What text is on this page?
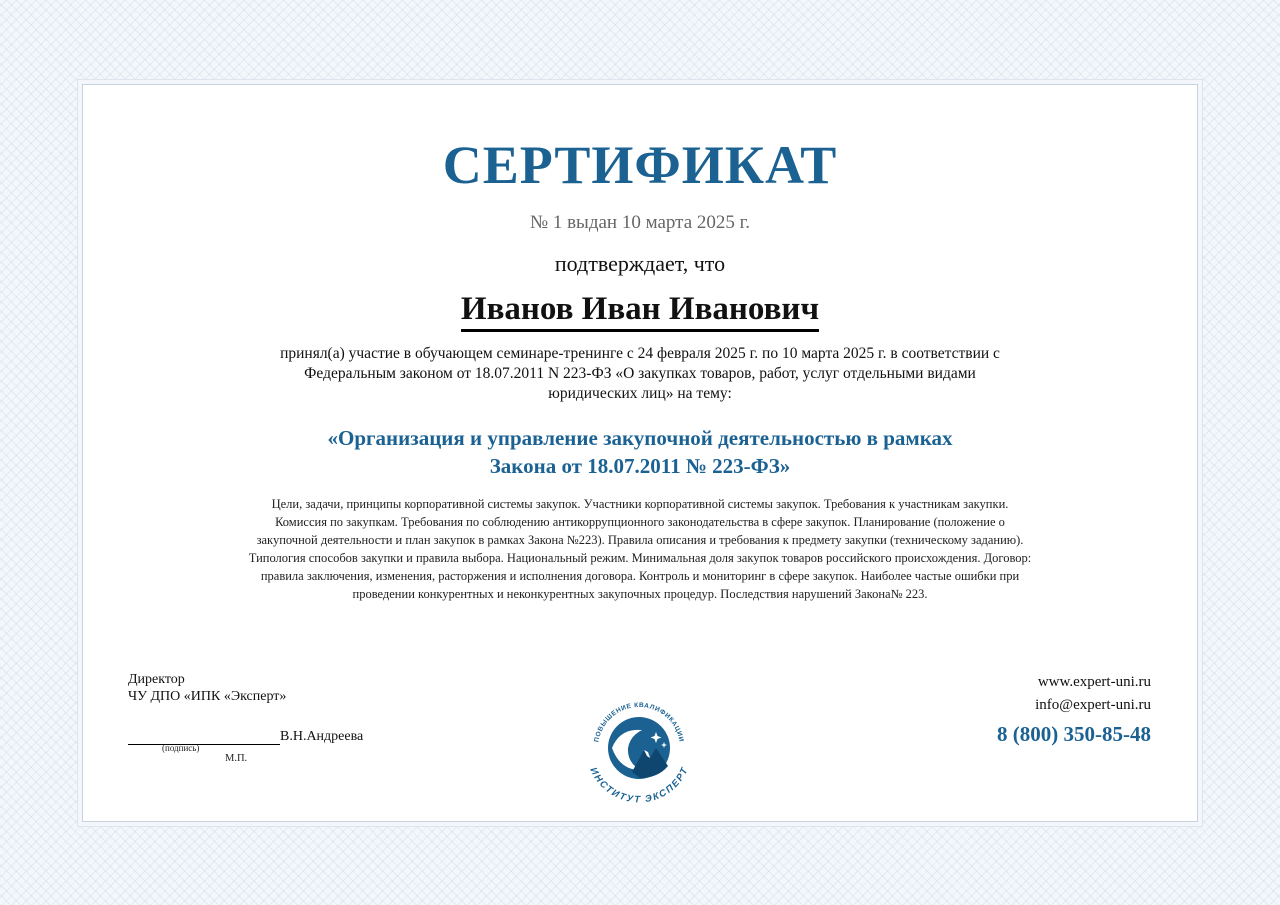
СЕРТИФИКАТ
№ 1 выдан 10 марта 2025 г.
подтверждает, что
Иванов Иван Иванович
принял(а) участие в обучающем семинаре-тренинге с 24 февраля 2025 г. по 10 марта 2025 г. в соответствии с
Федеральным законом от 18.07.2011 N 223-ФЗ «О закупках товаров, работ, услуг отдельными видами
юридических лиц» на тему:
«Организация и управление закупочной деятельностью в рамках
Закона от 18.07.2011 № 223-ФЗ»
Цели, задачи, принципы корпоративной системы закупок. Участники корпоративной системы закупок. Требования к участникам закупки.
Комиссия по закупкам. Требования по соблюдению антикоррупционного законодательства в сфере закупок. Планирование (положение о
закупочной деятельности и план закупок в рамках Закона №223). Правила описания и требования к предмету закупки (техническому заданию).
Типология способов закупки и правила выбора. Национальный режим. Минимальная доля закупок товаров российского происхождения. Договор:
правила заключения, изменения, расторжения и исполнения договора. Контроль и мониторинг в сфере закупок. Наиболее частые ошибки при
проведении конкурентных и неконкурентных закупочных процедур. Последствия нарушений Закона№ 223.
Директор
ЧУ ДПО «ИПК «Эксперт»
В.Н.Андреева
(подпись)
М.П.
ПОВЫШЕНИЕ КВАЛИФИКАЦИИ
ИНСТИТУТ ЭКСПЕРТ
www.expert-uni.ru
info@expert-uni.ru
8 (800) 350-85-48
